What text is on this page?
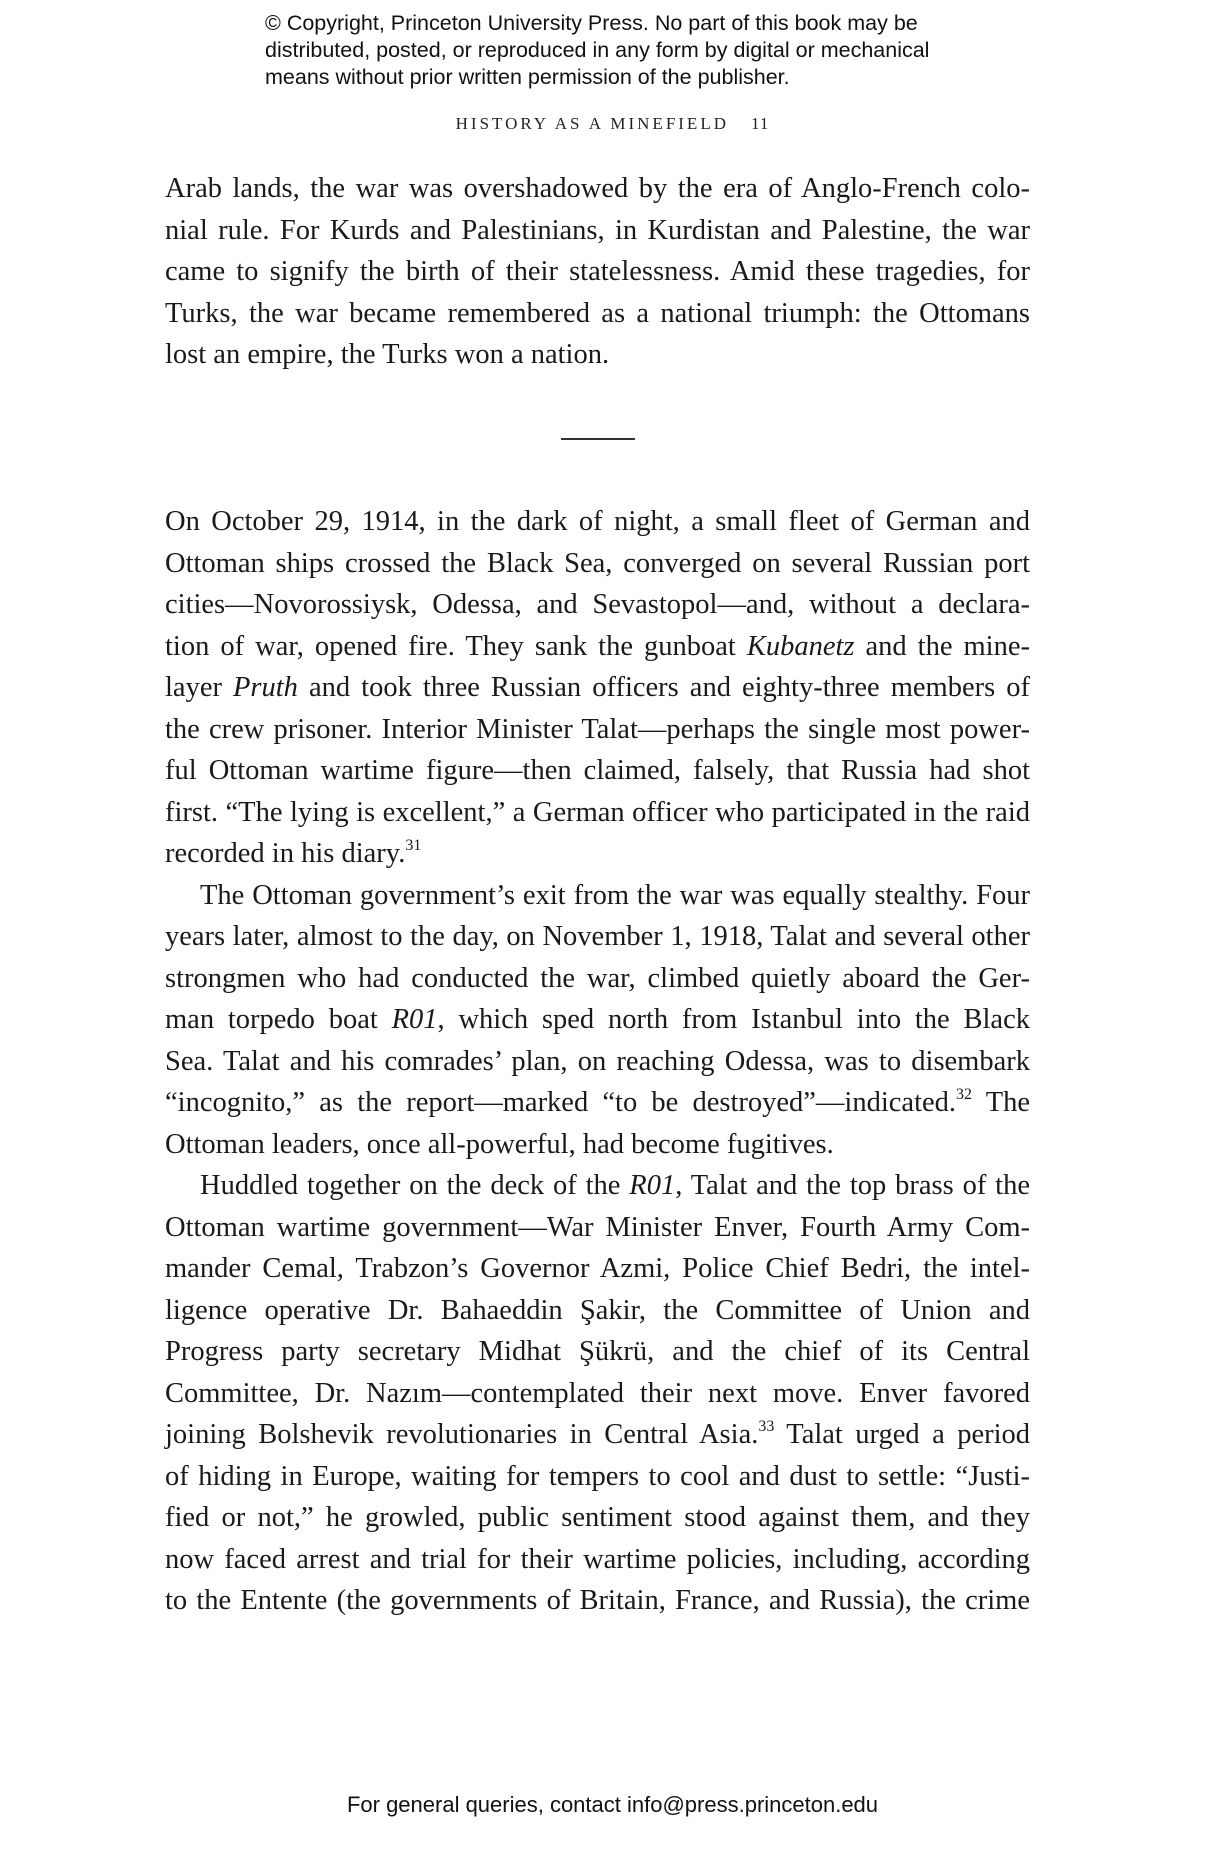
© Copyright, Princeton University Press. No part of this book may be
distributed, posted, or reproduced in any form by digital or mechanical
means without prior written permission of the publisher.
HISTORY AS A MINEFIELD 11
Arab lands, the war was overshadowed by the era of Anglo-French colo-
nial rule. For Kurds and Palestinians, in Kurdistan and Palestine, the war
came to signify the birth of their statelessness. Amid these tragedies, for
Turks, the war became remembered as a national triumph: the Ottomans
lost an empire, the Turks won a nation.
On October 29, 1914, in the dark of night, a small fleet of German and
Ottoman ships crossed the Black Sea, converged on several Russian port
cities—Novorossiysk, Odessa, and Sevastopol—and, without a declara-
tion of war, opened fire. They sank the gunboat Kubanetz and the mine-
layer Pruth and took three Russian officers and eighty-three members of
the crew prisoner. Interior Minister Talat—perhaps the single most power-
ful Ottoman wartime figure—then claimed, falsely, that Russia had shot
first. “The lying is excellent,” a German officer who participated in the raid
recorded in his diary.$^{31}$
The Ottoman government’s exit from the war was equally stealthy. Four
years later, almost to the day, on November 1, 1918, Talat and several other
strongmen who had conducted the war, climbed quietly aboard the Ger-
man torpedo boat R01, which sped north from Istanbul into the Black
Sea. Talat and his comrades’ plan, on reaching Odessa, was to disembark
“incognito,” as the report—marked “to be destroyed”—indicated.$^{32}$ The
Ottoman leaders, once all-powerful, had become fugitives.
Huddled together on the deck of the R01, Talat and the top brass of the
Ottoman wartime government—War Minister Enver, Fourth Army Com-
mander Cemal, Trabzon’s Governor Azmi, Police Chief Bedri, the intel-
ligence operative Dr. Bahaeddin Şakir, the Committee of Union and
Progress party secretary Midhat Şükrü, and the chief of its Central
Committee, Dr. Nazım—contemplated their next move. Enver favored
joining Bolshevik revolutionaries in Central Asia.$^{33}$ Talat urged a period
of hiding in Europe, waiting for tempers to cool and dust to settle: “Justi-
fied or not,” he growled, public sentiment stood against them, and they
now faced arrest and trial for their wartime policies, including, according
to the Entente (the governments of Britain, France, and Russia), the crime
For general queries, contact info@press.princeton.edu
